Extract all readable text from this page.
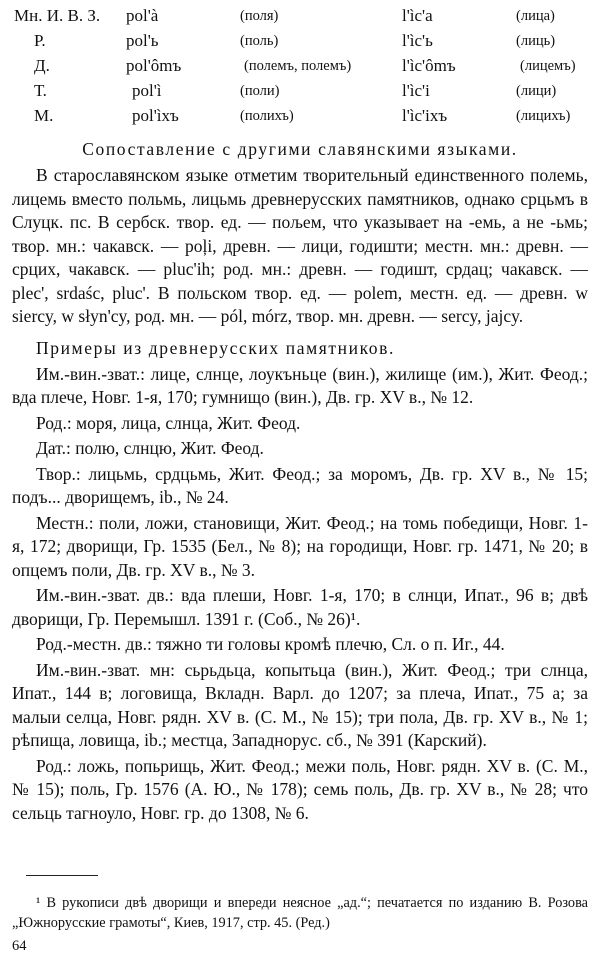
Мн. И. В. З. pol'à	(поля)	l'ìc'a	(лица)
Р.	pol'ь	(поль)	l'ìc'ь	(лиць)
Д.	pol'ômъ	(полемъ, полемъ)	l'ìc'ômъ	(лицемъ)
Т.	pol'ì	(поли)	l'ìc'i	(лици)
М.	pol'ìxъ	(полихъ)	l'ìc'ixъ	(лицихъ)

Сопоставление с другими славянскими языками.

В старославянском языке отметим творительный единственного полемь, лицемь вместо польмь, лицьмь древнерусских памятников, однако срцьмъ в Слуцк. пс. В сербск. твор. ед. — пољем, что указывает на -емь, а не -ьмь; твор. мн.: чакавск. — poļi, древн. — лици, годишти; местн. мн.: древн. — срцих, чакавск. — pluc'ih; род. мн.: древн. — годишт, срдац; чакавск. — plec', srdaśc, pluc'. В польском твор. ед. — polem, местн. ед. — древн. w siercy, w słyn'cy, род. мн. — pól, mórz, твор. мн. древн. — sercy, jajcy.

Примеры из древнерусских памятников.

Им.-вин.-зват.: лице, слнце, лоукъньце (вин.), жилище (им.), Жит. Феод.; вда плече, Новг. 1-я, 170; гумнищо (вин.), Дв. гр. XV в., № 12.

Род.: моря, лица, слнца, Жит. Феод.

Дат.: полю, слнцю, Жит. Феод.

Твор.: лицьмь, срдцьмь, Жит. Феод.; за моромъ, Дв. гр. XV в., № 15; подъ... дворищемъ, ib., № 24.

Местн.: поли, ложи, становищи, Жит. Феод.; на томь победищи, Новг. 1-я, 172; дворищи, Гр. 1535 (Бел., № 8); на городищи, Новг. гр. 1471, № 20; в опцемъ поли, Дв. гр. XV в., № 3.

Им.-вин.-зват. дв.: вда плеши, Новг. 1-я, 170; в слнци, Ипат., 96 в; двѣ дворищи, Гр. Перемышл. 1391 г. (Соб., № 26)¹.

Род.-местн. дв.: тяжно ти головы кромѣ плечю, Сл. о п. Иг., 44.

Им.-вин.-зват. мн: сьрьдьца, копытьца (вин.), Жит. Феод.; три слнца, Ипат., 144 в; логовища, Вкладн. Варл. до 1207; за плеча, Ипат., 75 а; за малыи селца, Новг. рядн. XV в. (С. М., № 15); три пола, Дв. гр. XV в., № 1; рѣпища, ловища, ib.; местца, Западнорус. сб., № 391 (Карский).

Род.: ложь, попьрищь, Жит. Феод.; межи поль, Новг. рядн. XV в. (С. М., № 15); поль, Гр. 1576 (А. Ю., № 178); семь поль, Дв. гр. XV в., № 28; что сельць тагноуло, Новг. гр. до 1308, № 6.

¹ В рукописи двѣ дворищи и впереди неясное „ад.“; печатается по изданию В. Розова „Южнорусские грамоты“, Киев, 1917, стр. 45. (Ред.)

64
